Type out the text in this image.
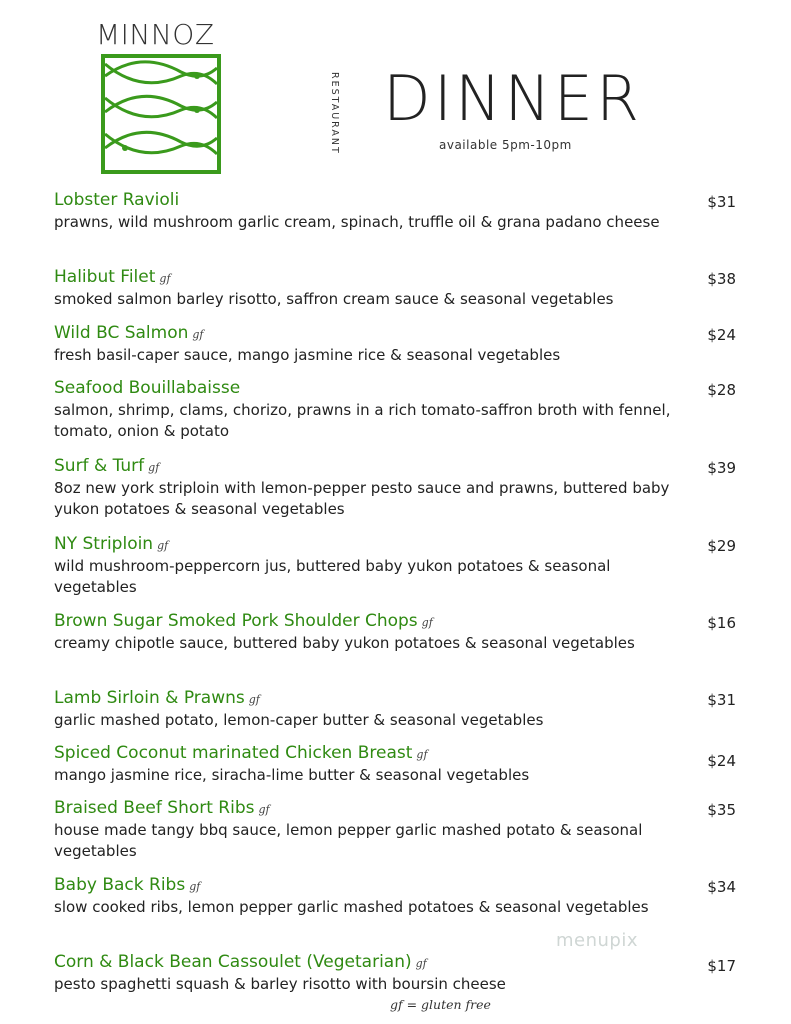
MINNOZ
RESTAURANT DINNER
available 5pm-10pm
Lobster Ravioli
prawns, wild mushroom garlic cream, spinach, truffle oil & grana padano cheese
$31
Halibut Filet gf
smoked salmon barley risotto, saffron cream sauce & seasonal vegetables
$38
Wild BC Salmon gf
fresh basil-caper sauce, mango jasmine rice & seasonal vegetables
$24
Seafood Bouillabaisse
salmon, shrimp, clams, chorizo, prawns in a rich tomato-saffron broth with fennel, tomato, onion & potato
$28
Surf & Turf gf
8oz new york striploin with lemon-pepper pesto sauce and prawns, buttered baby yukon potatoes & seasonal vegetables
$39
NY Striploin gf
wild mushroom-peppercorn jus, buttered baby yukon potatoes & seasonal vegetables
$29
Brown Sugar Smoked Pork Shoulder Chops gf
creamy chipotle sauce, buttered baby yukon potatoes & seasonal vegetables
$16
Lamb Sirloin & Prawns gf
garlic mashed potato, lemon-caper butter & seasonal vegetables
$31
Spiced Coconut marinated Chicken Breast gf
mango jasmine rice, siracha-lime butter & seasonal vegetables
$24
Braised Beef Short Ribs gf
house made tangy bbq sauce, lemon pepper garlic mashed potato & seasonal vegetables
$35
Baby Back Ribs gf
slow cooked ribs, lemon pepper garlic mashed potatoes & seasonal vegetables
$34
Corn & Black Bean Cassoulet (Vegetarian) gf
pesto spaghetti squash & barley risotto with boursin cheese
$17
menupix
gf = gluten free
